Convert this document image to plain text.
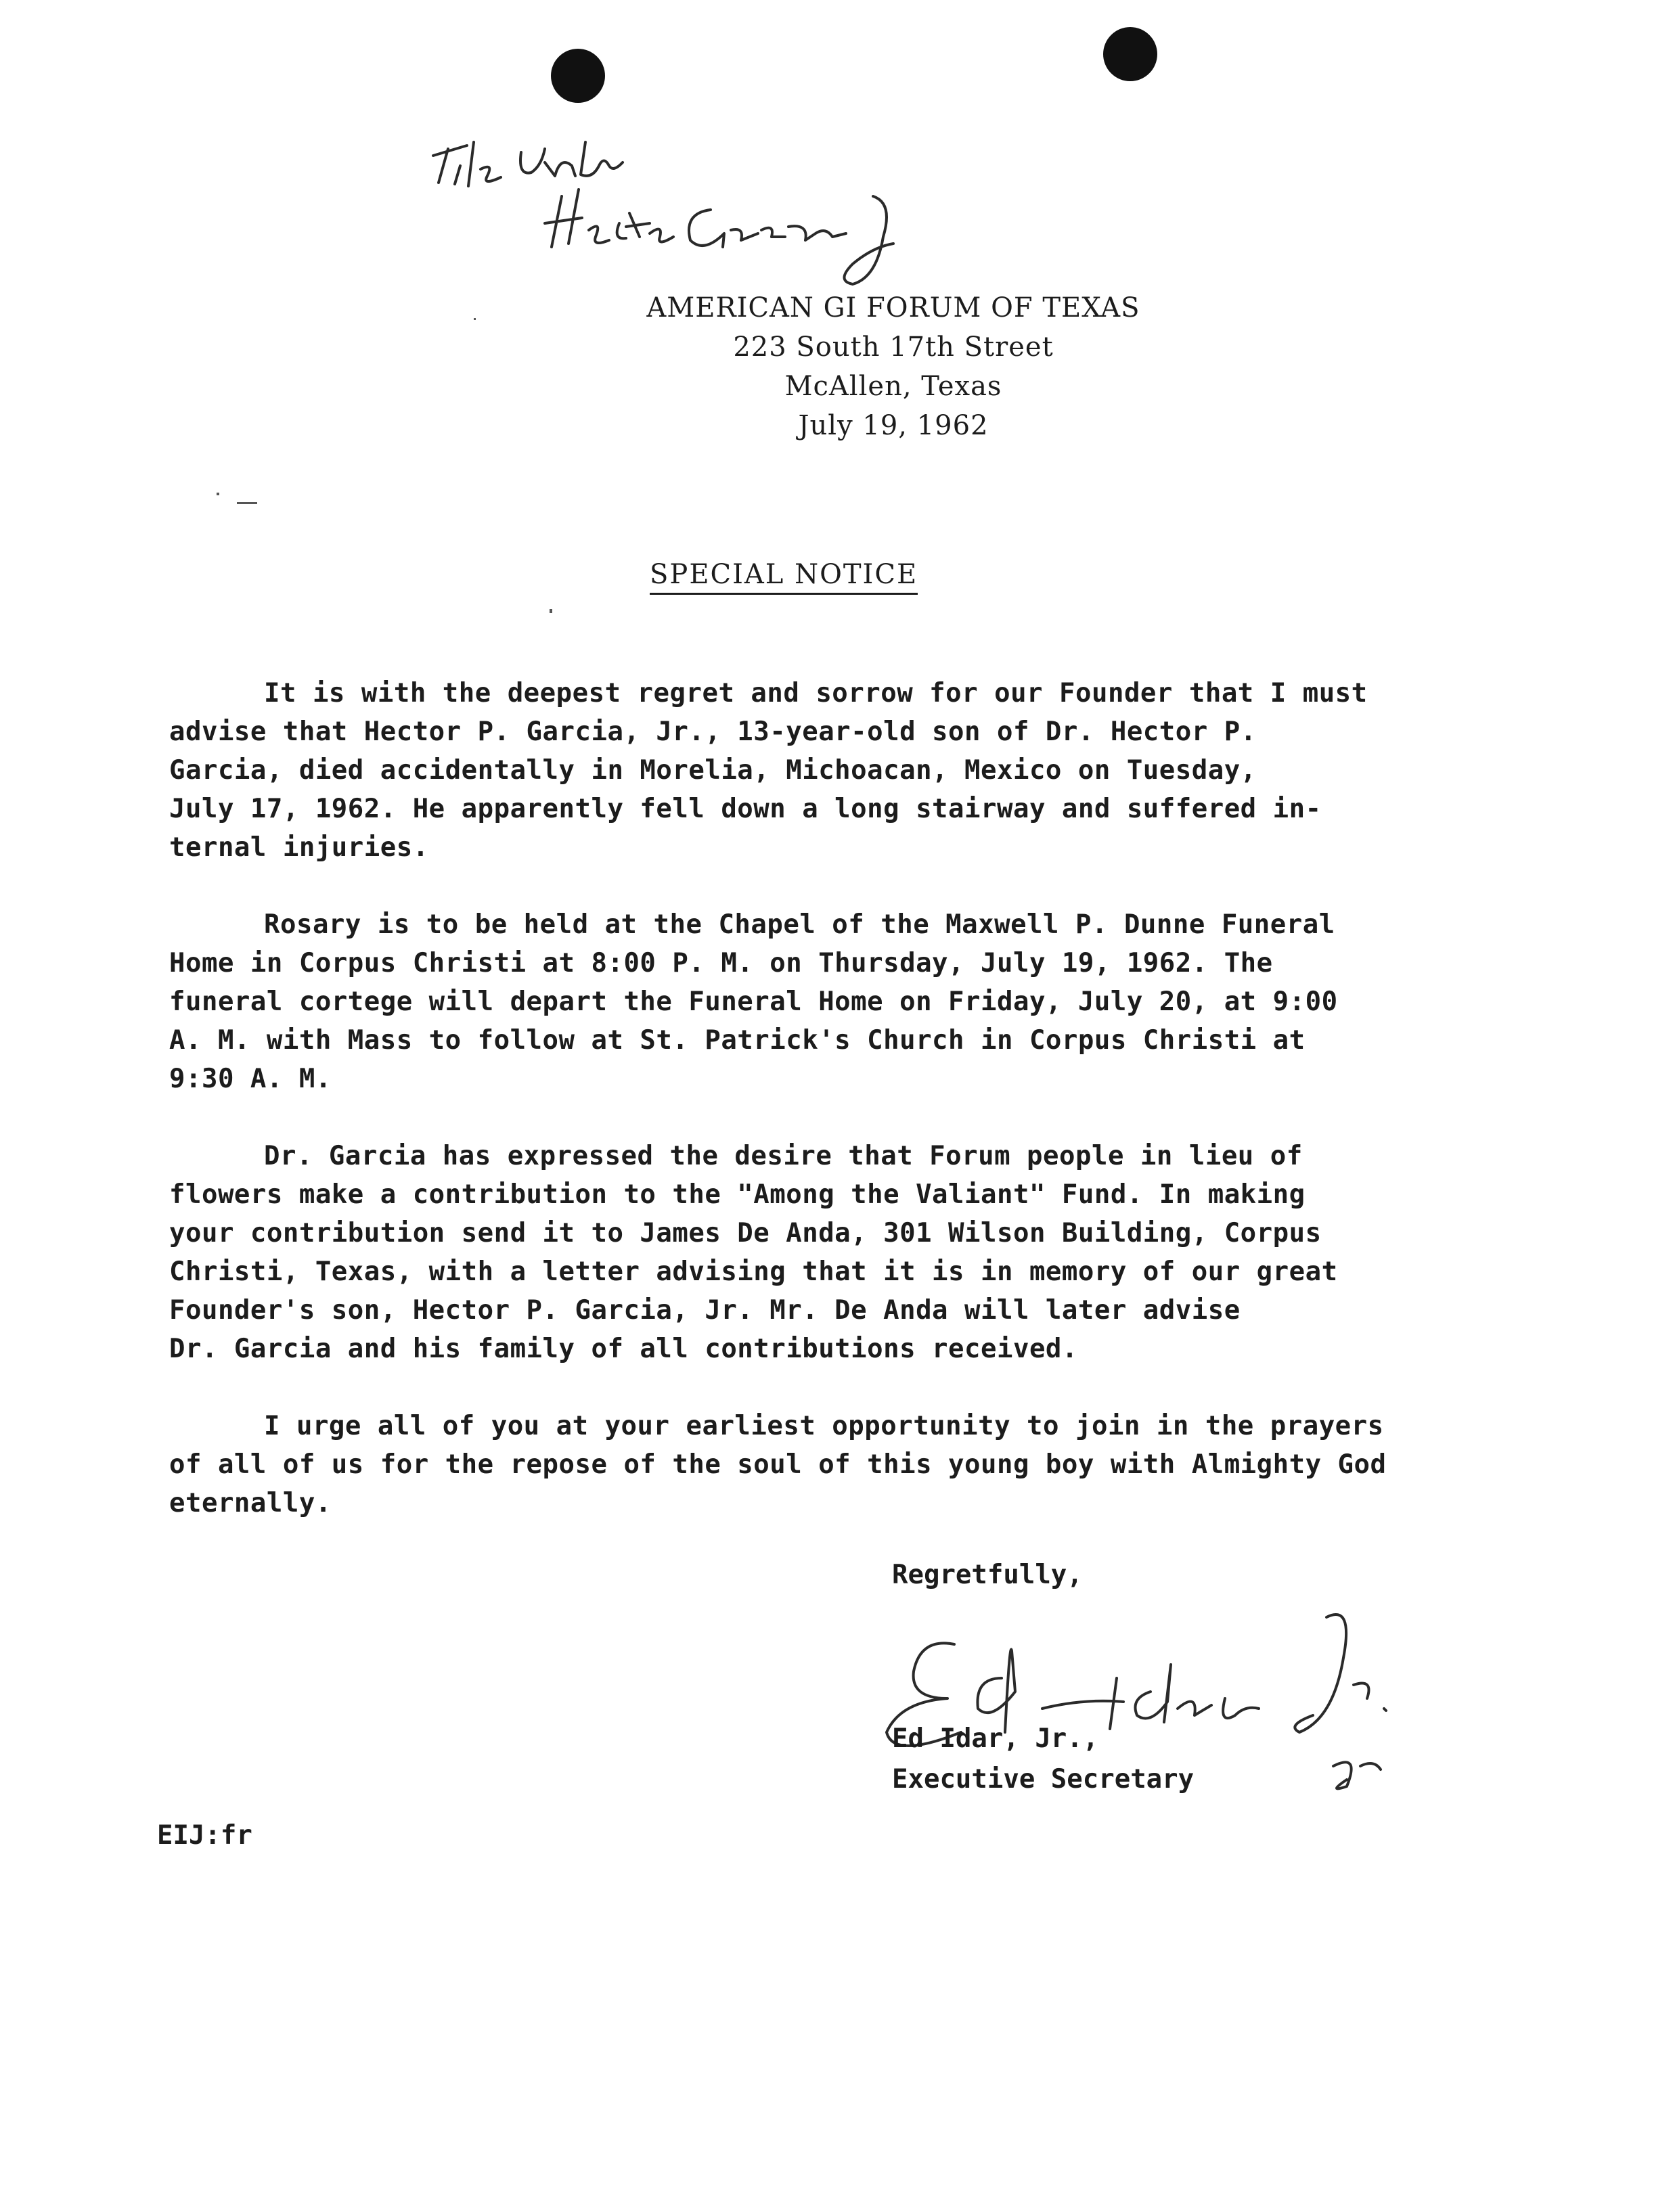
AMERICAN GI FORUM OF TEXAS
223 South 17th Street
McAllen, Texas
July 19, 1962
SPECIAL NOTICE

It is with the deepest regret and sorrow for our Founder that I must
advise that Hector P. Garcia, Jr., 13-year-old son of Dr. Hector P.
Garcia, died accidentally in Morelia, Michoacan, Mexico on Tuesday,
July 17, 1962. He apparently fell down a long stairway and suffered in-
ternal injuries.

Rosary is to be held at the Chapel of the Maxwell P. Dunne Funeral
Home in Corpus Christi at 8:00 P. M. on Thursday, July 19, 1962. The
funeral cortege will depart the Funeral Home on Friday, July 20, at 9:00
A. M. with Mass to follow at St. Patrick's Church in Corpus Christi at
9:30 A. M.

Dr. Garcia has expressed the desire that Forum people in lieu of
flowers make a contribution to the "Among the Valiant" Fund. In making
your contribution send it to James De Anda, 301 Wilson Building, Corpus
Christi, Texas, with a letter advising that it is in memory of our great
Founder's son, Hector P. Garcia, Jr. Mr. De Anda will later advise
Dr. Garcia and his family of all contributions received.

I urge all of you at your earliest opportunity to join in the prayers
of all of us for the repose of the soul of this young boy with Almighty God
eternally.

Regretfully,
Ed Idar, Jr.,
Executive Secretary
EIJ:fr
